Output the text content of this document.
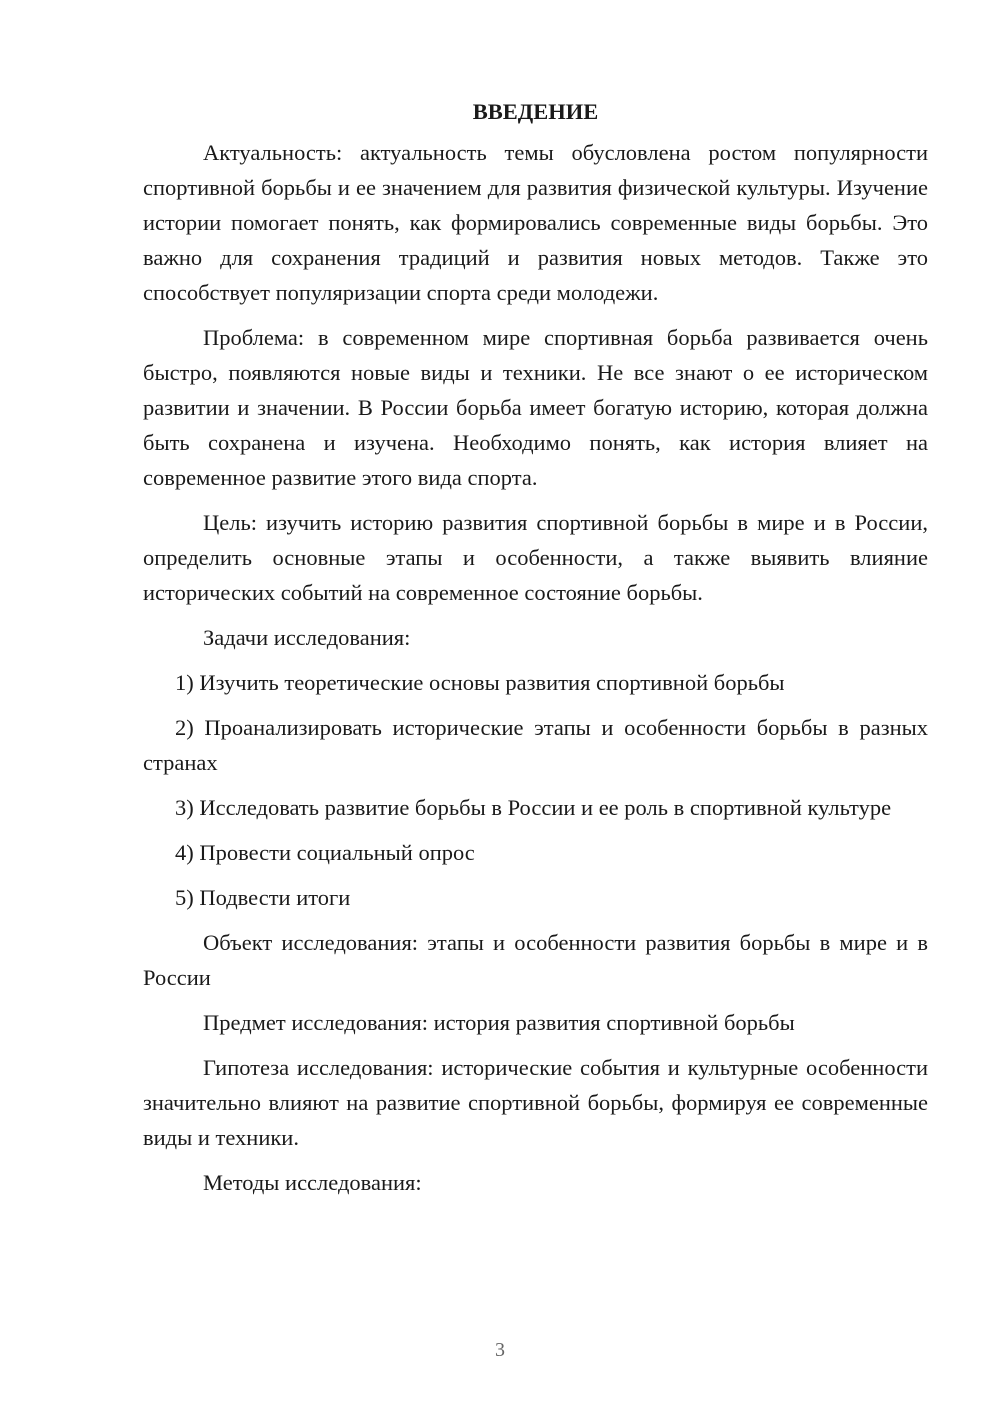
ВВЕДЕНИЕ

Актуальность: актуальность темы обусловлена ростом популярности спортивной борьбы и ее значением для развития физической культуры. Изучение истории помогает понять, как формировались современные виды борьбы. Это важно для сохранения традиций и развития новых методов. Также это способствует популяризации спорта среди молодежи.

Проблема: в современном мире спортивная борьба развивается очень быстро, появляются новые виды и техники. Не все знают о ее историческом развитии и значении. В России борьба имеет богатую историю, которая должна быть сохранена и изучена. Необходимо понять, как история влияет на современное развитие этого вида спорта.

Цель: изучить историю развития спортивной борьбы в мире и в России, определить основные этапы и особенности, а также выявить влияние исторических событий на современное состояние борьбы.

Задачи исследования:

1) Изучить теоретические основы развития спортивной борьбы

2) Проанализировать исторические этапы и особенности борьбы в разных странах

3) Исследовать развитие борьбы в России и ее роль в спортивной культуре

4) Провести социальный опрос

5) Подвести итоги

Объект исследования: этапы и особенности развития борьбы в мире и в России

Предмет исследования: история развития спортивной борьбы

Гипотеза исследования: исторические события и культурные особенности значительно влияют на развитие спортивной борьбы, формируя ее современные виды и техники.

Методы исследования:

3
